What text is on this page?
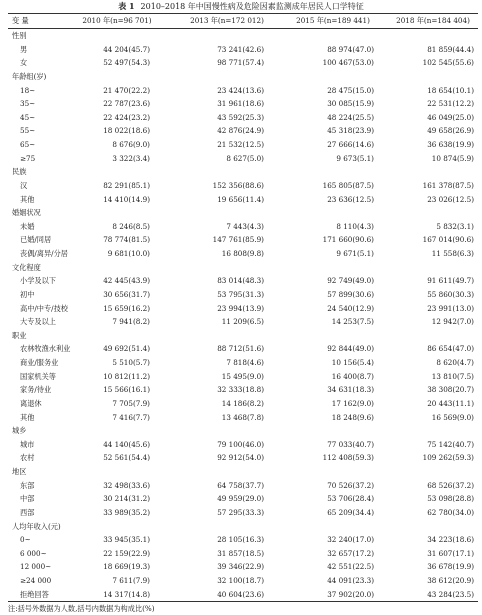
表 1 2010–2018 年中国慢性病及危险因素监测成年居民人口学特征
变 量	2010 年(n=96 701)	2013 年(n=172 012)	2015 年(n=189 441)	2018 年(n=184 404)
性别
男	44 204(45.7)	73 241(42.6)	88 974(47.0)	81 859(44.4)
女	52 497(54.3)	98 771(57.4)	100 467(53.0)	102 545(55.6)
年龄组(岁)
18~	21 470(22.2)	23 424(13.6)	28 475(15.0)	18 654(10.1)
35~	22 787(23.6)	31 961(18.6)	30 085(15.9)	22 531(12.2)
45~	22 424(23.2)	43 592(25.3)	48 224(25.5)	46 049(25.0)
55~	18 022(18.6)	42 876(24.9)	45 318(23.9)	49 658(26.9)
65~	8 676(9.0)	21 532(12.5)	27 666(14.6)	36 638(19.9)
≥75	3 322(3.4)	8 627(5.0)	9 673(5.1)	10 874(5.9)
民族
汉	82 291(85.1)	152 356(88.6)	165 805(87.5)	161 378(87.5)
其他	14 410(14.9)	19 656(11.4)	23 636(12.5)	23 026(12.5)
婚姻状况
未婚	8 246(8.5)	7 443(4.3)	8 110(4.3)	5 832(3.1)
已婚/同居	78 774(81.5)	147 761(85.9)	171 660(90.6)	167 014(90.6)
丧偶/离异/分居	9 681(10.0)	16 808(9.8)	9 671(5.1)	11 558(6.3)
文化程度
小学及以下	42 445(43.9)	83 014(48.3)	92 749(49.0)	91 611(49.7)
初中	30 656(31.7)	53 795(31.3)	57 899(30.6)	55 860(30.3)
高中/中专/技校	15 659(16.2)	23 994(13.9)	24 540(12.9)	23 991(13.0)
大专及以上	7 941(8.2)	11 209(6.5)	14 253(7.5)	12 942(7.0)
职业
农林牧渔水利业	49 692(51.4)	88 712(51.6)	92 844(49.0)	86 654(47.0)
商业/服务业	5 510(5.7)	7 818(4.6)	10 156(5.4)	8 620(4.7)
国家机关等	10 812(11.2)	15 495(9.0)	16 400(8.7)	13 810(7.5)
家务/待业	15 566(16.1)	32 333(18.8)	34 631(18.3)	38 308(20.7)
离退休	7 705(7.9)	14 186(8.2)	17 162(9.0)	20 443(11.1)
其他	7 416(7.7)	13 468(7.8)	18 248(9.6)	16 569(9.0)
城乡
城市	44 140(45.6)	79 100(46.0)	77 033(40.7)	75 142(40.7)
农村	52 561(54.4)	92 912(54.0)	112 408(59.3)	109 262(59.3)
地区
东部	32 498(33.6)	64 758(37.7)	70 526(37.2)	68 526(37.2)
中部	30 214(31.2)	49 959(29.0)	53 706(28.4)	53 098(28.8)
西部	33 989(35.2)	57 295(33.3)	65 209(34.4)	62 780(34.0)
人均年收入(元)
0~	33 945(35.1)	28 105(16.3)	32 240(17.0)	34 223(18.6)
6 000~	22 159(22.9)	31 857(18.5)	32 657(17.2)	31 607(17.1)
12 000~	18 669(19.3)	39 346(22.9)	42 551(22.5)	36 678(19.9)
≥24 000	7 611(7.9)	32 100(18.7)	44 091(23.3)	38 612(20.9)
拒绝回答	14 317(14.8)	40 604(23.6)	37 902(20.0)	43 284(23.5)
注:括号外数据为人数,括号内数据为构成比(%)
